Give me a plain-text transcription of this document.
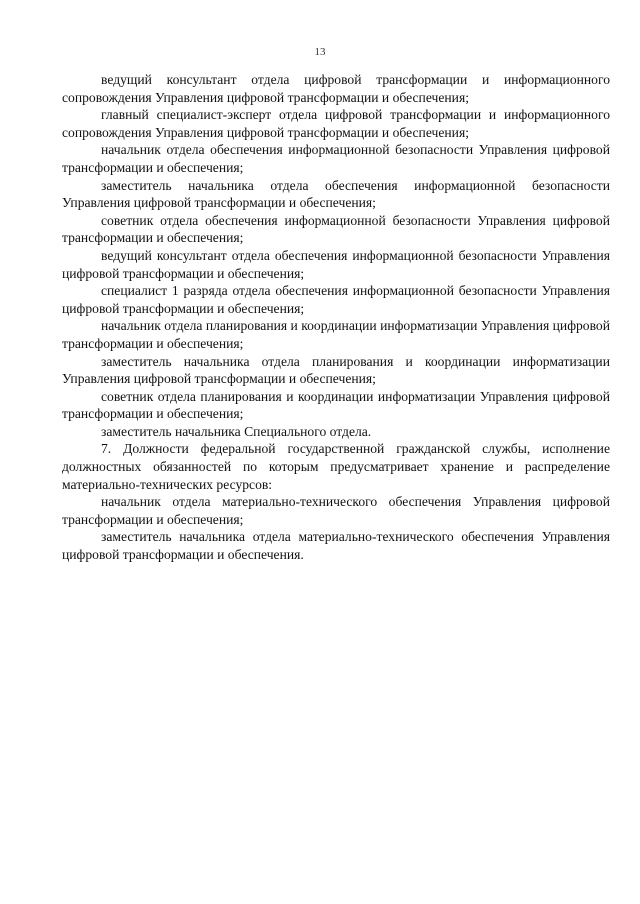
13

ведущий консультант отдела цифровой трансформации и информационного сопровождения Управления цифровой трансформации и обеспечения;

главный специалист-эксперт отдела цифровой трансформации и информационного сопровождения Управления цифровой трансформации и обеспечения;

начальник отдела обеспечения информационной безопасности Управления цифровой трансформации и обеспечения;

заместитель начальника отдела обеспечения информационной безопасности Управления цифровой трансформации и обеспечения;

советник отдела обеспечения информационной безопасности Управления цифровой трансформации и обеспечения;

ведущий консультант отдела обеспечения информационной безопасности Управления цифровой трансформации и обеспечения;

специалист 1 разряда отдела обеспечения информационной безопасности Управления цифровой трансформации и обеспечения;

начальник отдела планирования и координации информатизации Управления цифровой трансформации и обеспечения;

заместитель начальника отдела планирования и координации информатизации Управления цифровой трансформации и обеспечения;

советник отдела планирования и координации информатизации Управления цифровой трансформации и обеспечения;

заместитель начальника Специального отдела.

7. Должности федеральной государственной гражданской службы, исполнение должностных обязанностей по которым предусматривает хранение и распределение материально-технических ресурсов:

начальник отдела материально-технического обеспечения Управления цифровой трансформации и обеспечения;

заместитель начальника отдела материально-технического обеспечения Управления цифровой трансформации и обеспечения.
